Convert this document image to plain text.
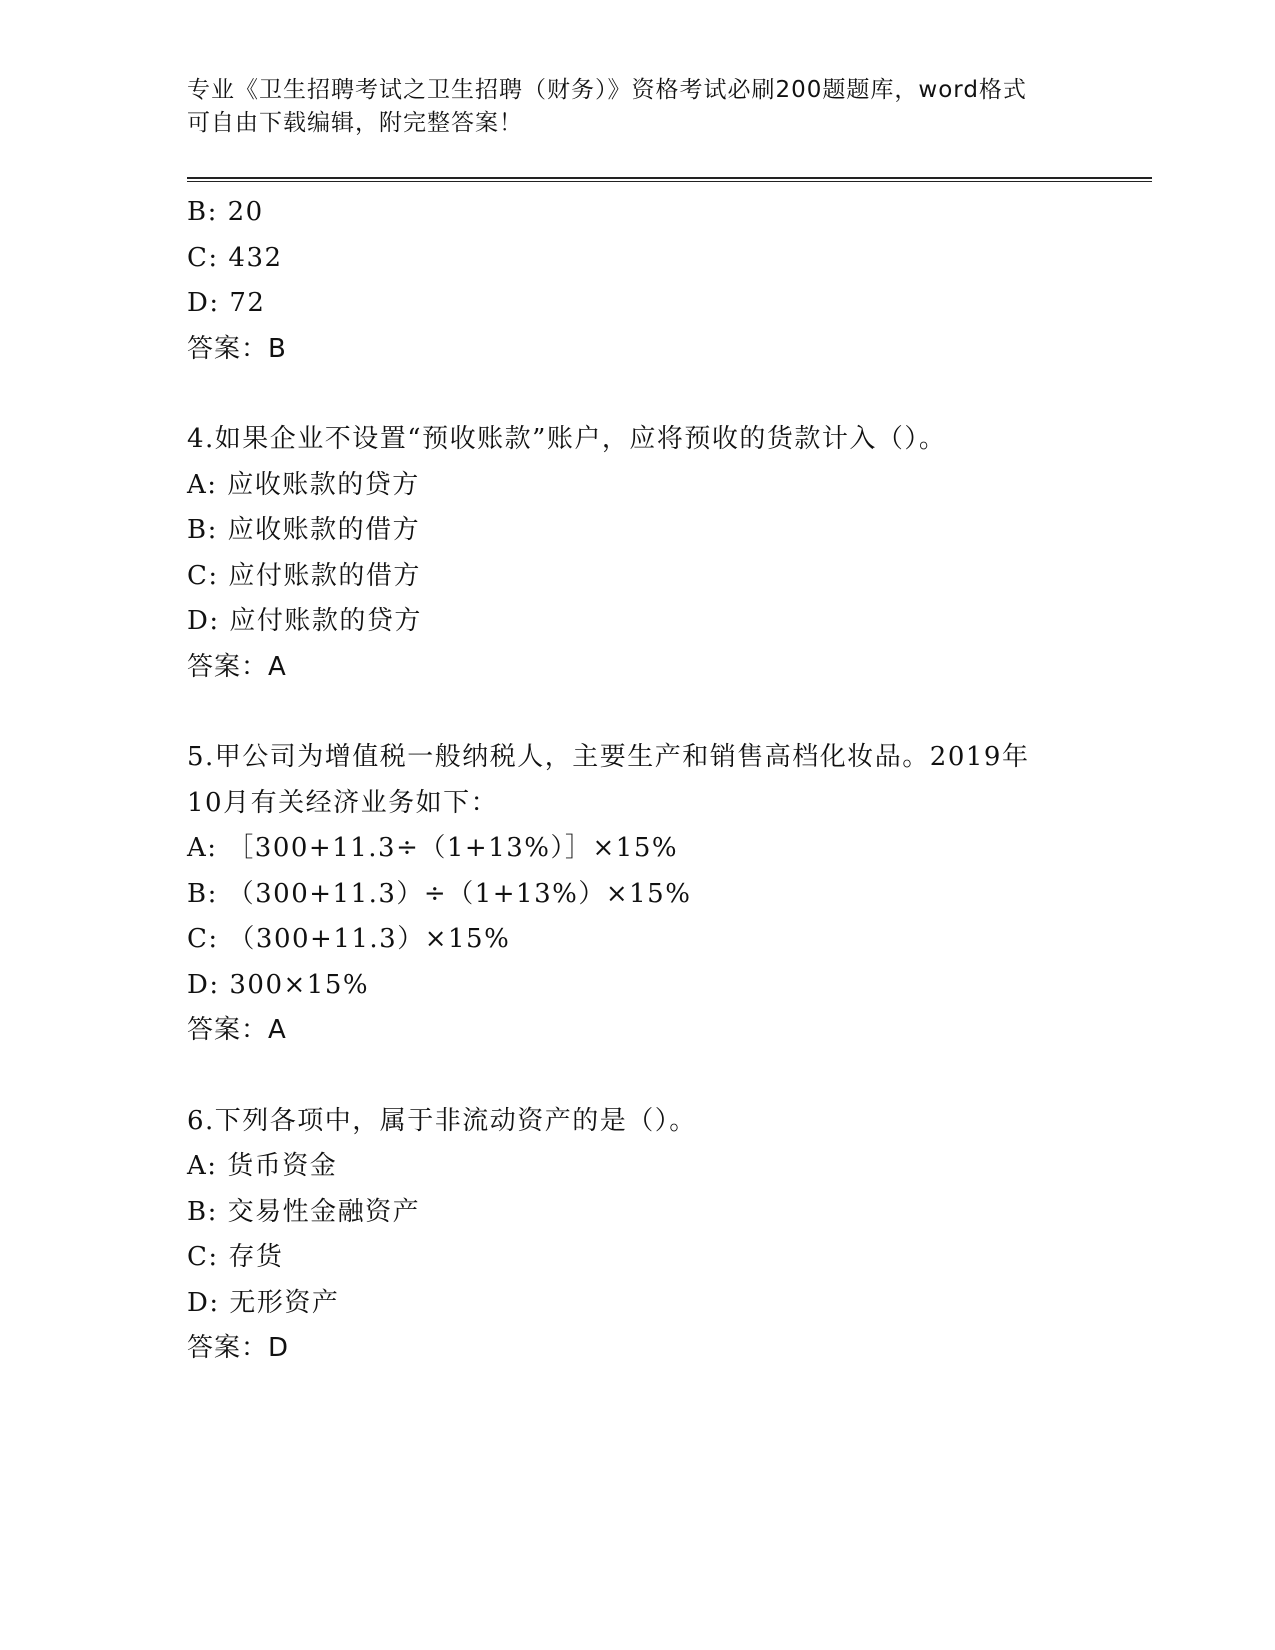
专业《卫生招聘考试之卫生招聘（财务）》资格考试必刷200题题库，word格式
可自由下载编辑，附完整答案！
B: 20
C: 432
D: 72
答案：B
4.如果企业不设置“预收账款”账户，应将预收的货款计入（）。
A: 应收账款的贷方
B: 应收账款的借方
C: 应付账款的借方
D: 应付账款的贷方
答案：A
5.甲公司为增值税一般纳税人，主要生产和销售高档化妆品。2019年
10月有关经济业务如下：
A: ［300+11.3÷（1+13%）］×15%
B: （300+11.3）÷（1+13%）×15%
C: （300+11.3）×15%
D: 300×15%
答案：A
6.下列各项中，属于非流动资产的是（）。
A: 货币资金
B: 交易性金融资产
C: 存货
D: 无形资产
答案：D
